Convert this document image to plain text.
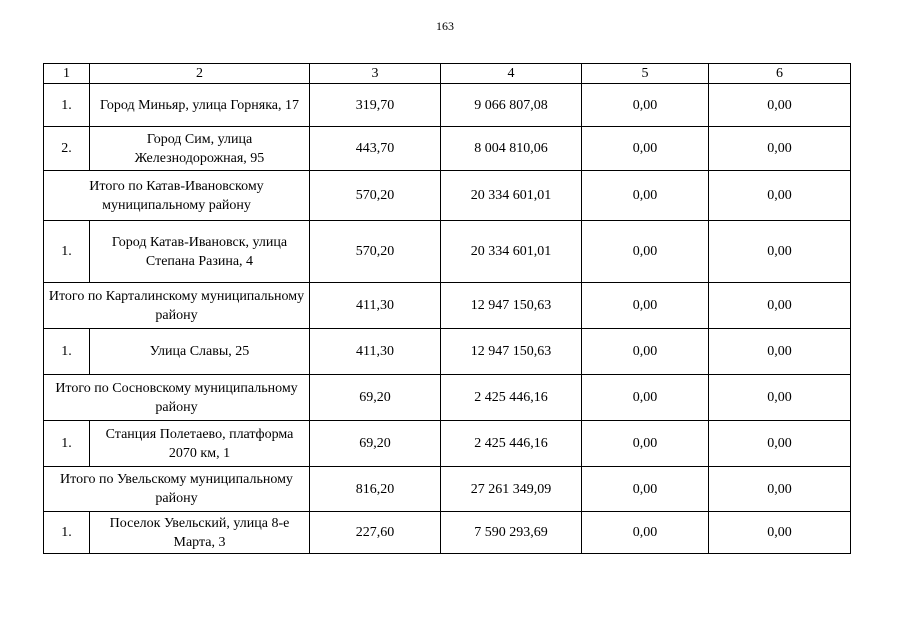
163
1	2	3	4	5	6
1.	Город Миньяр, улица Горняка, 17	319,70	9 066 807,08	0,00	0,00
2.	Город Сим, улица Железнодорожная, 95	443,70	8 004 810,06	0,00	0,00
Итого по Катав-Ивановскому муниципальному району		570,20	20 334 601,01	0,00	0,00
1.	Город Катав-Ивановск, улица Степана Разина, 4	570,20	20 334 601,01	0,00	0,00
Итого по Карталинскому муниципальному району		411,30	12 947 150,63	0,00	0,00
1.	Улица Славы, 25	411,30	12 947 150,63	0,00	0,00
Итого по Сосновскому муниципальному району		69,20	2 425 446,16	0,00	0,00
1.	Станция Полетаево, платформа 2070 км, 1	69,20	2 425 446,16	0,00	0,00
Итого по Увельскому муниципальному району		816,20	27 261 349,09	0,00	0,00
1.	Поселок Увельский, улица 8-е Марта, 3	227,60	7 590 293,69	0,00	0,00
